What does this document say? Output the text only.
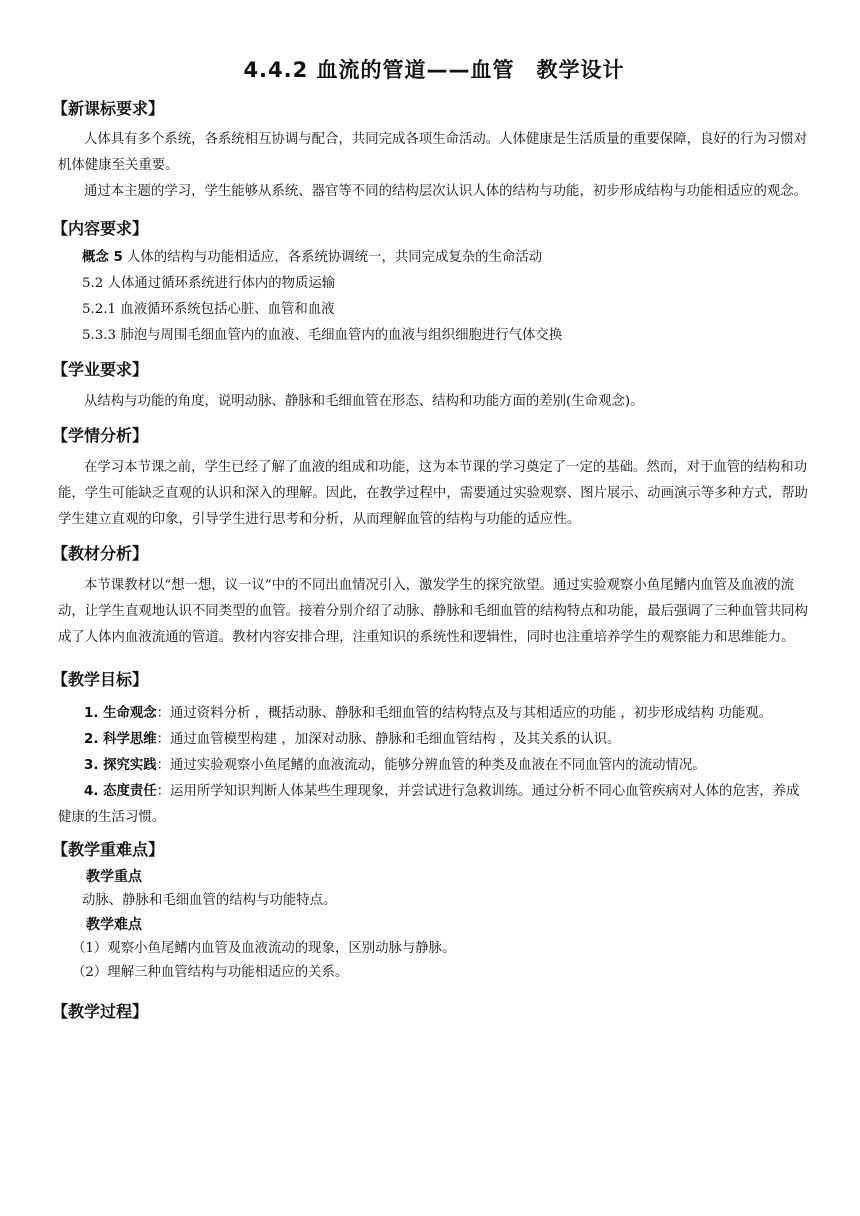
4.4.2 血流的管道——血管　教学设计
【新课标要求】

人体具有多个系统，各系统相互协调与配合，共同完成各项生命活动。人体健康是生活质量的重要保障，良好的行为习惯对机体健康至关重要。

通过本主题的学习，学生能够从系统、器官等不同的结构层次认识人体的结构与功能，初步形成结构与功能相适应的观念。

【内容要求】

概念 5 人体的结构与功能相适应，各系统协调统一，共同完成复杂的生命活动

5.2 人体通过循环系统进行体内的物质运输

5.2.1 血液循环系统包括心脏、血管和血液

5.3.3 肺泡与周围毛细血管内的血液、毛细血管内的血液与组织细胞进行气体交换

【学业要求】

从结构与功能的角度，说明动脉、静脉和毛细血管在形态、结构和功能方面的差别(生命观念)。

【学情分析】

在学习本节课之前，学生已经了解了血液的组成和功能，这为本节课的学习奠定了一定的基础。然而，对于血管的结构和功能，学生可能缺乏直观的认识和深入的理解。因此，在教学过程中，需要通过实验观察、图片展示、动画演示等多种方式，帮助学生建立直观的印象，引导学生进行思考和分析，从而理解血管的结构与功能的适应性。

【教材分析】

本节课教材以“想一想，议一议”中的不同出血情况引入，激发学生的探究欲望。通过实验观察小鱼尾鳍内血管及血液的流动，让学生直观地认识不同类型的血管。接着分别介绍了动脉、静脉和毛细血管的结构特点和功能，最后强调了三种血管共同构成了人体内血液流通的管道。教材内容安排合理，注重知识的系统性和逻辑性，同时也注重培养学生的观察能力和思维能力。

【教学目标】

1. 生命观念：通过资料分析 ，概括动脉、静脉和毛细血管的结构特点及与其相适应的功能 ，初步形成结构 功能观。

2. 科学思维：通过血管模型构建 ，加深对动脉、静脉和毛细血管结构 ，及其关系的认识。

3. 探究实践：通过实验观察小鱼尾鳍的血液流动，能够分辨血管的种类及血液在不同血管内的流动情况。

4. 态度责任：运用所学知识判断人体某些生理现象，并尝试进行急救训练。通过分析不同心血管疾病对人体的危害，养成健康的生活习惯。

【教学重难点】
教学重点

动脉、静脉和毛细血管的结构与功能特点。

教学难点

（1）观察小鱼尾鳍内血管及血液流动的现象，区别动脉与静脉。

（2）理解三种血管结构与功能相适应的关系。

【教学过程】
